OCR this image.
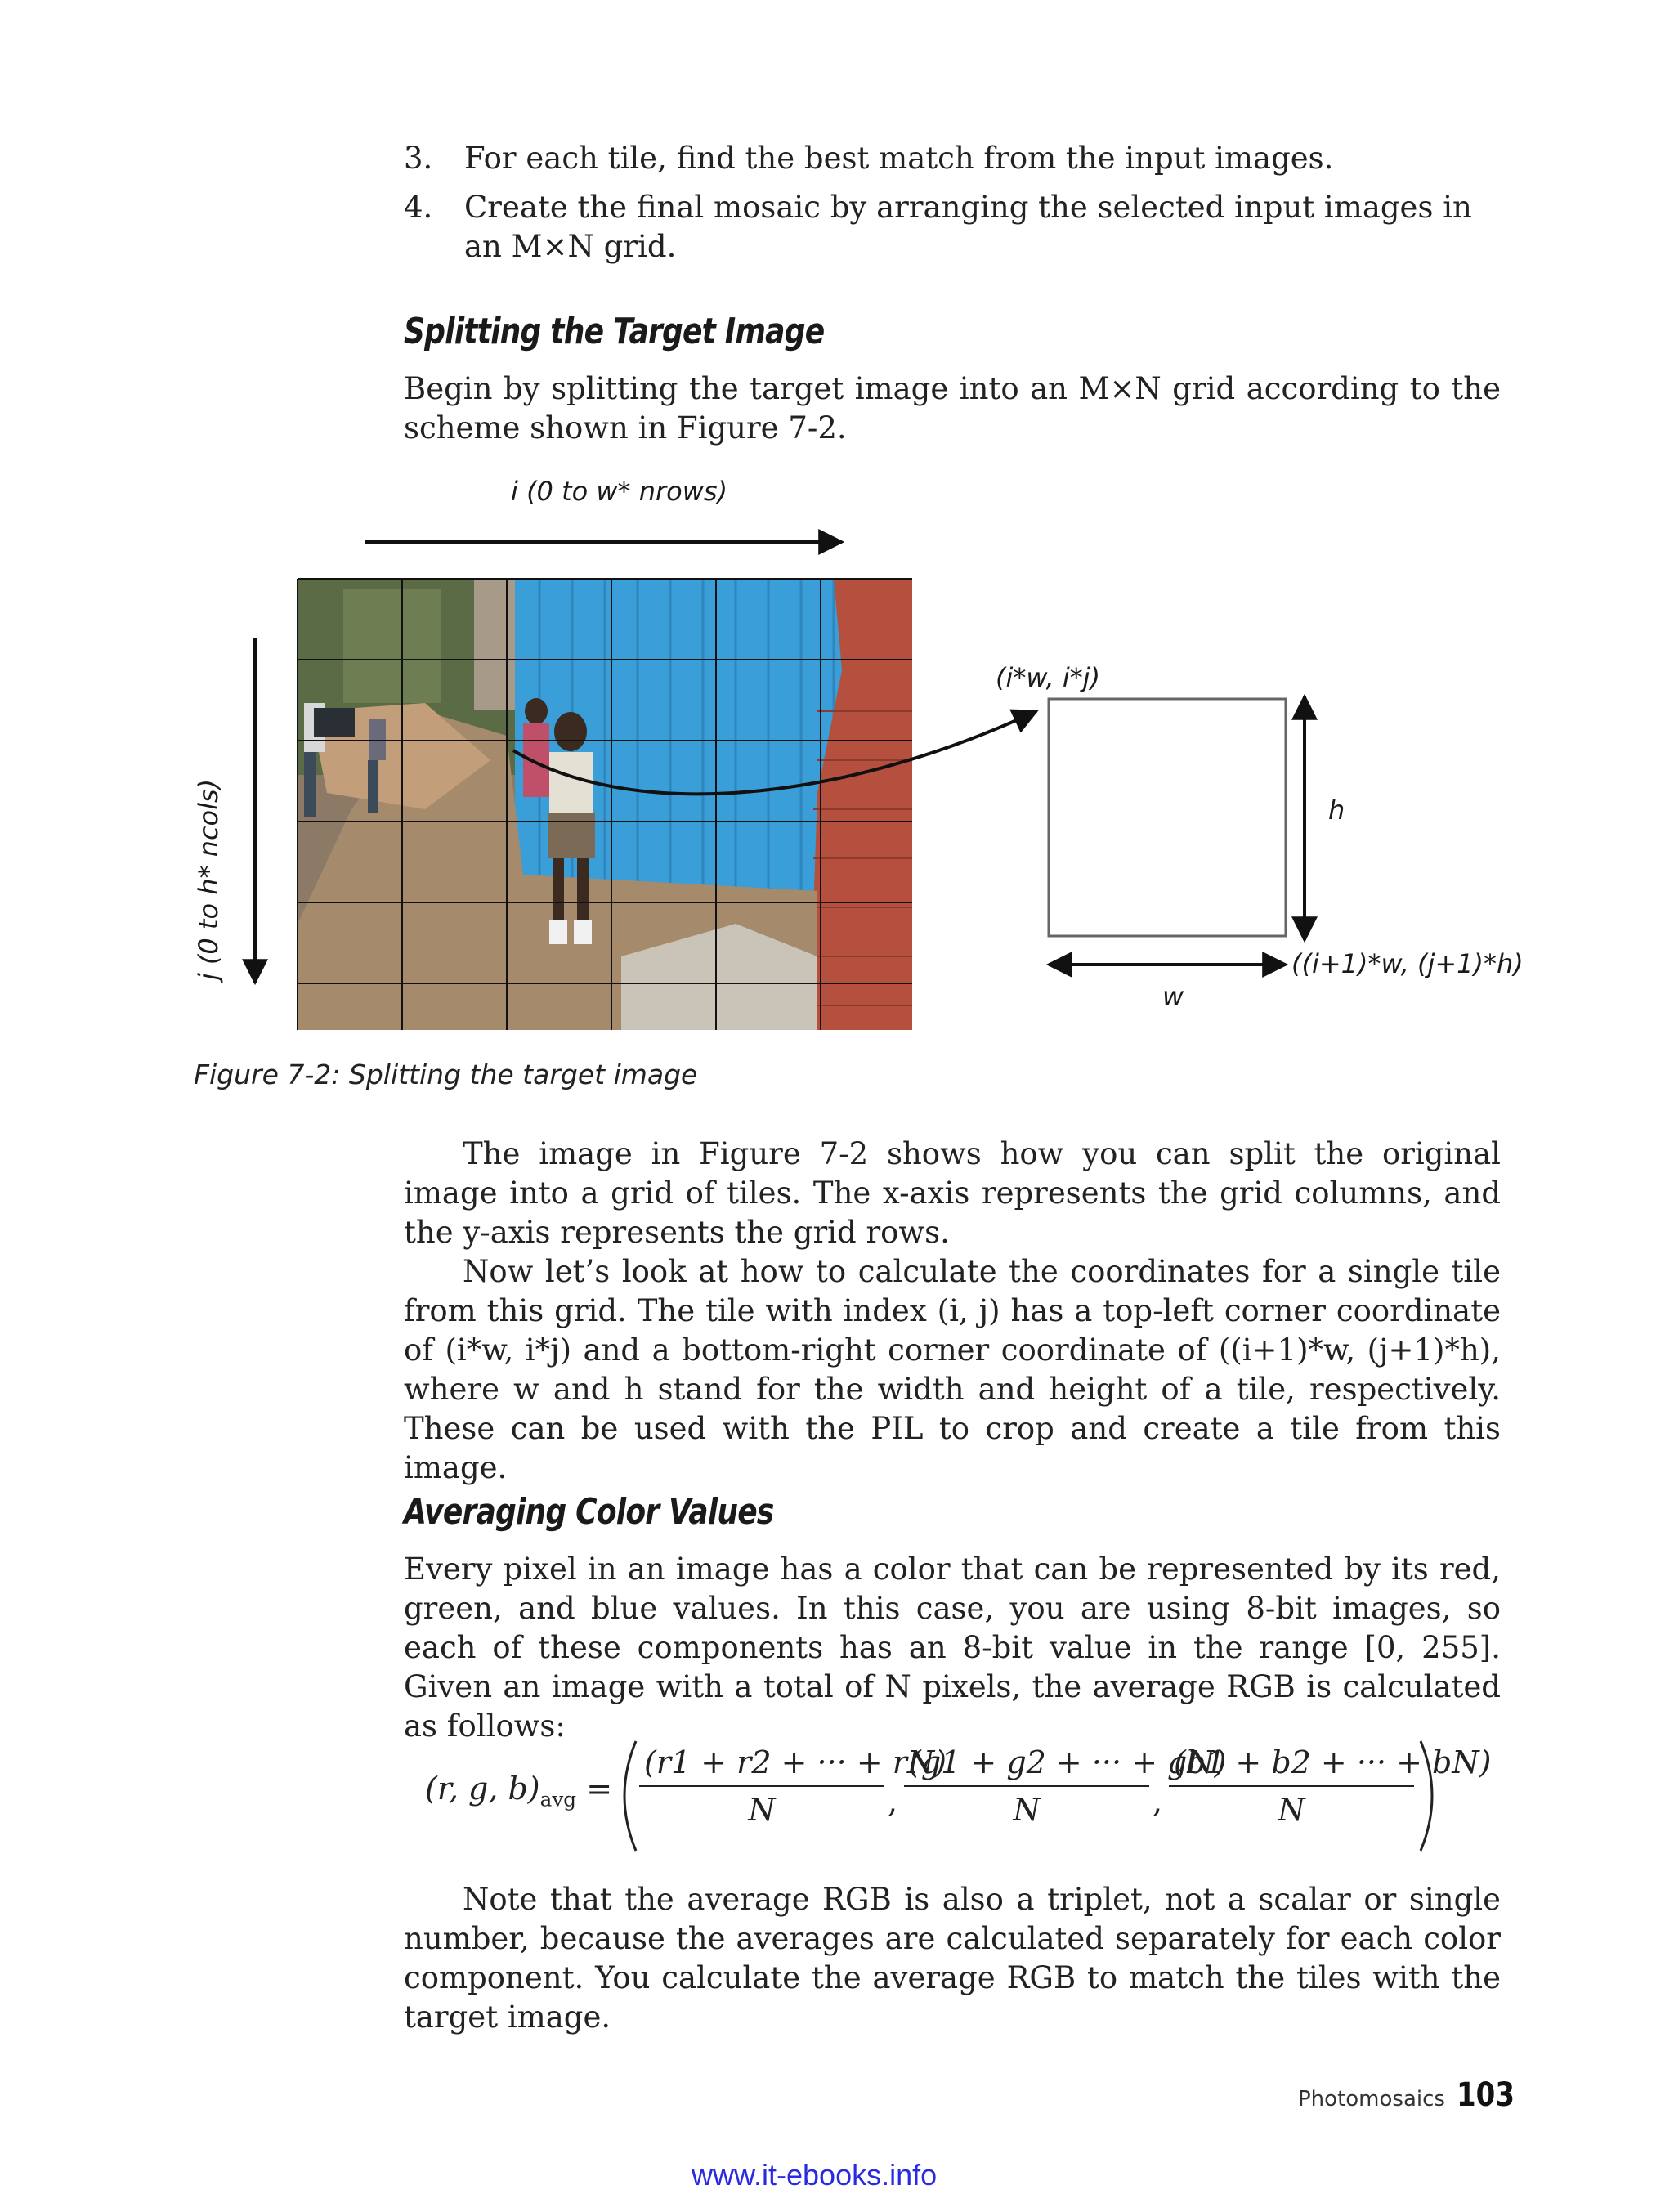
3.	For each tile, find the best match from the input images.
4.	Create the final mosaic by arranging the selected input images in an M×N grid.
Splitting the Target Image
Begin by splitting the target image into an M×N grid according to the scheme shown in Figure 7-2.
i (0 to w* nrows)
j (0 to h* ncols)
(i*w, i*j)
h
w
((i+1)*w, (j+1)*h)
Figure 7-2: Splitting the target image
The image in Figure 7-2 shows how you can split the original image into a grid of tiles. The x-axis represents the grid columns, and the y-axis represents the grid rows.
Now let’s look at how to calculate the coordinates for a single tile from this grid. The tile with index (i, j) has a top-left corner coordinate of (i*w, i*j) and a bottom-right corner coordinate of ((i+1)*w, (j+1)*h), where w and h stand for the width and height of a tile, respectively. These can be used with the PIL to crop and create a tile from this image.
Averaging Color Values
Every pixel in an image has a color that can be represented by its red, green, and blue values. In this case, you are using 8-bit images, so each of these components has an 8-bit value in the range [0, 255]. Given an image with a total of N pixels, the average RGB is calculated as follows:
(r, g, $b)_{avg} = \frac{(r1 + r2 + \cdot\cdot\cdot + rN)}{N}$ , $\frac{(g1 + g2 + \cdot\cdot\cdot + gN)}{N}$ , $\frac{(b1 + b2 + \cdot\cdot\cdot + bN)}{N}$
Note that the average RGB is also a triplet, not a scalar or single number, because the averages are calculated separately for each color component. You calculate the average RGB to match the tiles with the target image.
Photomosaics 103
www.it-ebooks.info
